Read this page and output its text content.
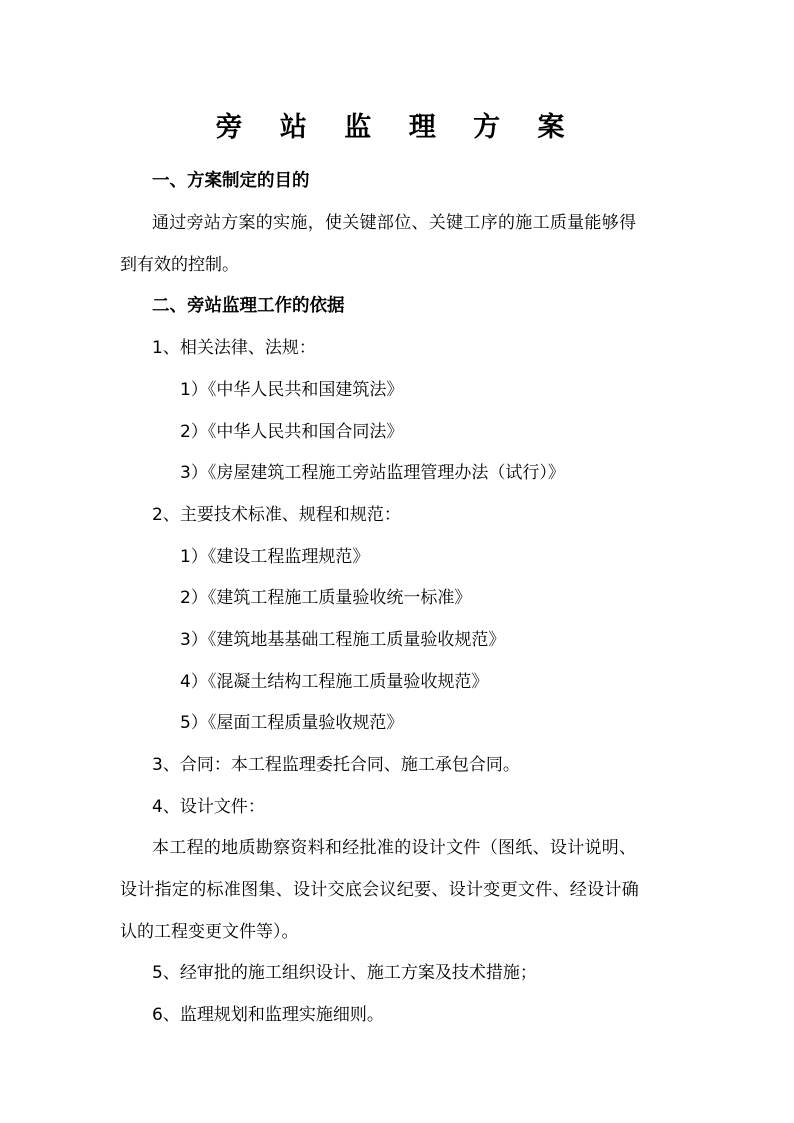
旁 站 监 理 方 案
一、方案制定的目的
通过旁站方案的实施，使关键部位、关键工序的施工质量能够得
到有效的控制。
二、旁站监理工作的依据
1、相关法律、法规：
1）《中华人民共和国建筑法》
2）《中华人民共和国合同法》
3）《房屋建筑工程施工旁站监理管理办法（试行）》
2、主要技术标准、规程和规范：
1）《建设工程监理规范》
2）《建筑工程施工质量验收统一标准》
3）《建筑地基基础工程施工质量验收规范》
4）《混凝土结构工程施工质量验收规范》
5）《屋面工程质量验收规范》
3、合同：本工程监理委托合同、施工承包合同。
4、设计文件：
本工程的地质勘察资料和经批准的设计文件（图纸、设计说明、
设计指定的标准图集、设计交底会议纪要、设计变更文件、经设计确
认的工程变更文件等）。
5、经审批的施工组织设计、施工方案及技术措施；
6、监理规划和监理实施细则。
